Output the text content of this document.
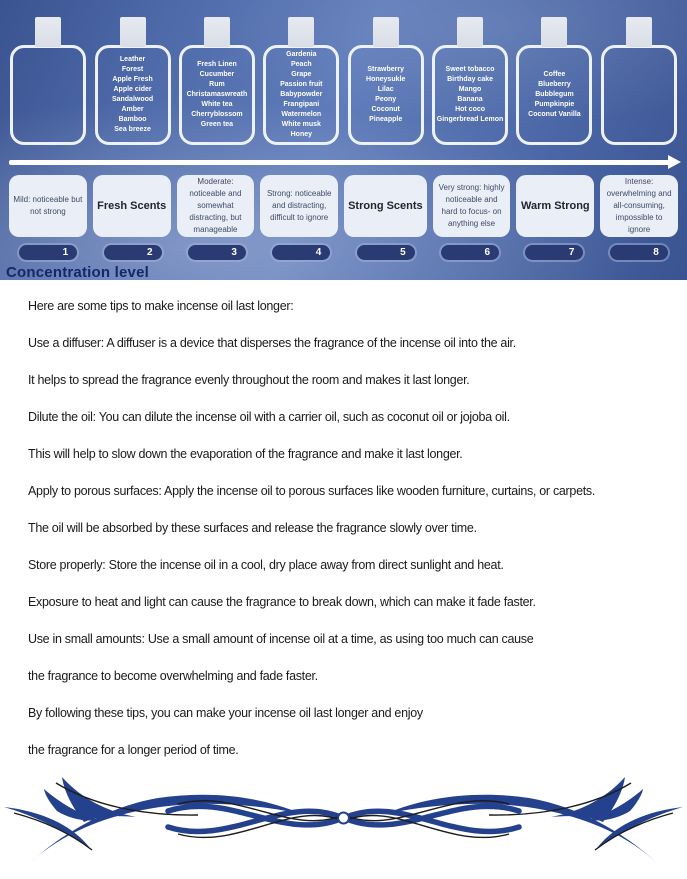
Leather
Forest
Apple Fresh
Apple cider
Sandalwood
Amber
Bamboo
Sea breeze
Fresh Linen
Cucumber
Rum
Christamaswreath
White tea
Cherryblossom
Green tea
Gardenia
Peach
Grape
Passion fruit
Babypowder
Frangipani
Watermelon
White musk
Honey
Strawberry
Honeysukle
Lilac
Peony
Coconut
Pineapple
Sweet tobacco
Birthday cake
Mango
Banana
Hot coco
Gingerbread Lemon
Coffee
Blueberry
Bubblegum
Pumpkinpie
Coconut Vanilla
Mild: noticeable but not strong	Fresh Scents
Moderate: noticeable and somewhat distracting, but manageable
Strong: noticeable and distracting, difficult to ignore
Strong Scents
Very strong: highly noticeable and hard to focus- on anything else
Warm Strong
Intense: overwhelming and all-consuming, impossible to ignore
1	2	3	4	5	6	7	8
Concentration level
Here are some tips to make incense oil last longer:
Use a diffuser: A diffuser is a device that disperses the fragrance of the incense oil into the air.
It helps to spread the fragrance evenly throughout the room and makes it last longer.
Dilute the oil: You can dilute the incense oil with a carrier oil, such as coconut oil or jojoba oil.
This will help to slow down the evaporation of the fragrance and make it last longer.
Apply to porous surfaces: Apply the incense oil to porous surfaces like wooden furniture, curtains, or carpets.
The oil will be absorbed by these surfaces and release the fragrance slowly over time.
Store properly: Store the incense oil in a cool, dry place away from direct sunlight and heat.
Exposure to heat and light can cause the fragrance to break down, which can make it fade faster.
Use in small amounts: Use a small amount of incense oil at a time, as using too much can cause
the fragrance to become overwhelming and fade faster.
By following these tips, you can make your incense oil last longer and enjoy
the fragrance for a longer period of time.
